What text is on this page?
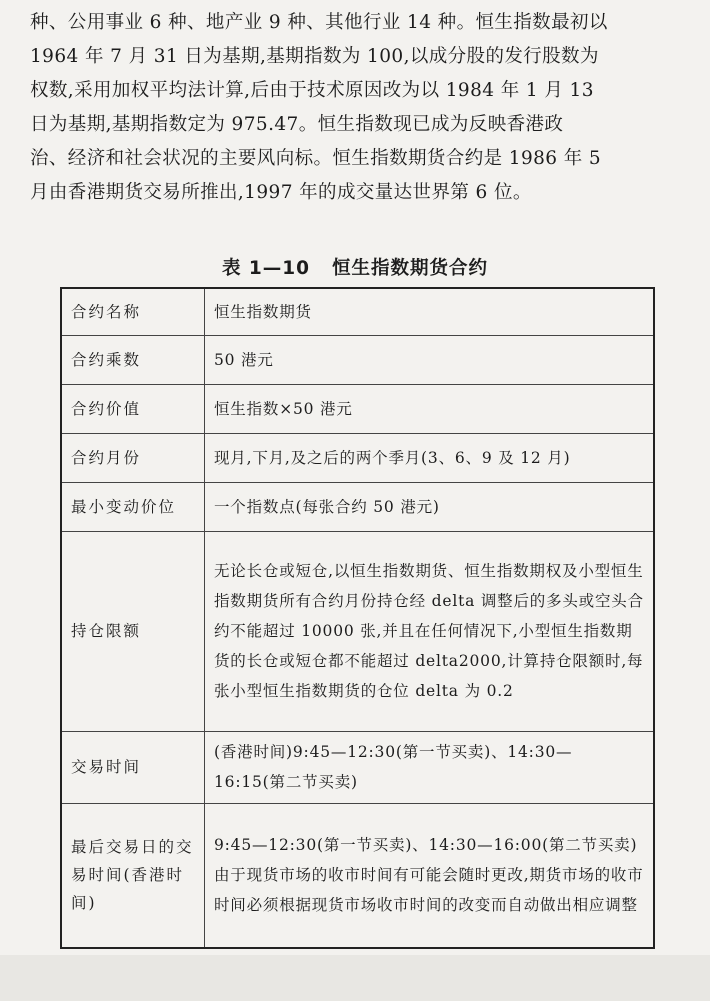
种、公用事业 6 种、地产业 9 种、其他行业 14 种。恒生指数最初以
1964 年 7 月 31 日为基期,基期指数为 100,以成分股的发行股数为
权数,采用加权平均法计算,后由于技术原因改为以 1984 年 1 月 13
日为基期,基期指数定为 975.47。恒生指数现已成为反映香港政
治、经济和社会状况的主要风向标。恒生指数期货合约是 1986 年 5
月由香港期货交易所推出,1997 年的成交量达世界第 6 位。

表 1—10 恒生指数期货合约
合约名称	恒生指数期货
合约乘数	50 港元
合约价值	恒生指数×50 港元
合约月份	现月,下月,及之后的两个季月(3、6、9 及 12 月)
最小变动价位	一个指数点(每张合约 50 港元)
持仓限额	无论长仓或短仓,以恒生指数期货、恒生指数期权及小型恒生指数期货所有合约月份持仓经 delta 调整后的多头或空头合约不能超过 10000 张,并且在任何情况下,小型恒生指数期货的长仓或短仓都不能超过 delta2000,计算持仓限额时,每张小型恒生指数期货的仓位 delta 为 0.2
交易时间	(香港时间)9:45—12:30(第一节买卖)、14:30—16:15(第二节买卖)
最后交易日的交易时间(香港时间)	9:45—12:30(第一节买卖)、14:30—16:00(第二节买卖)由于现货市场的收市时间有可能会随时更改,期货市场的收市时间必须根据现货市场收市时间的改变而自动做出相应调整
